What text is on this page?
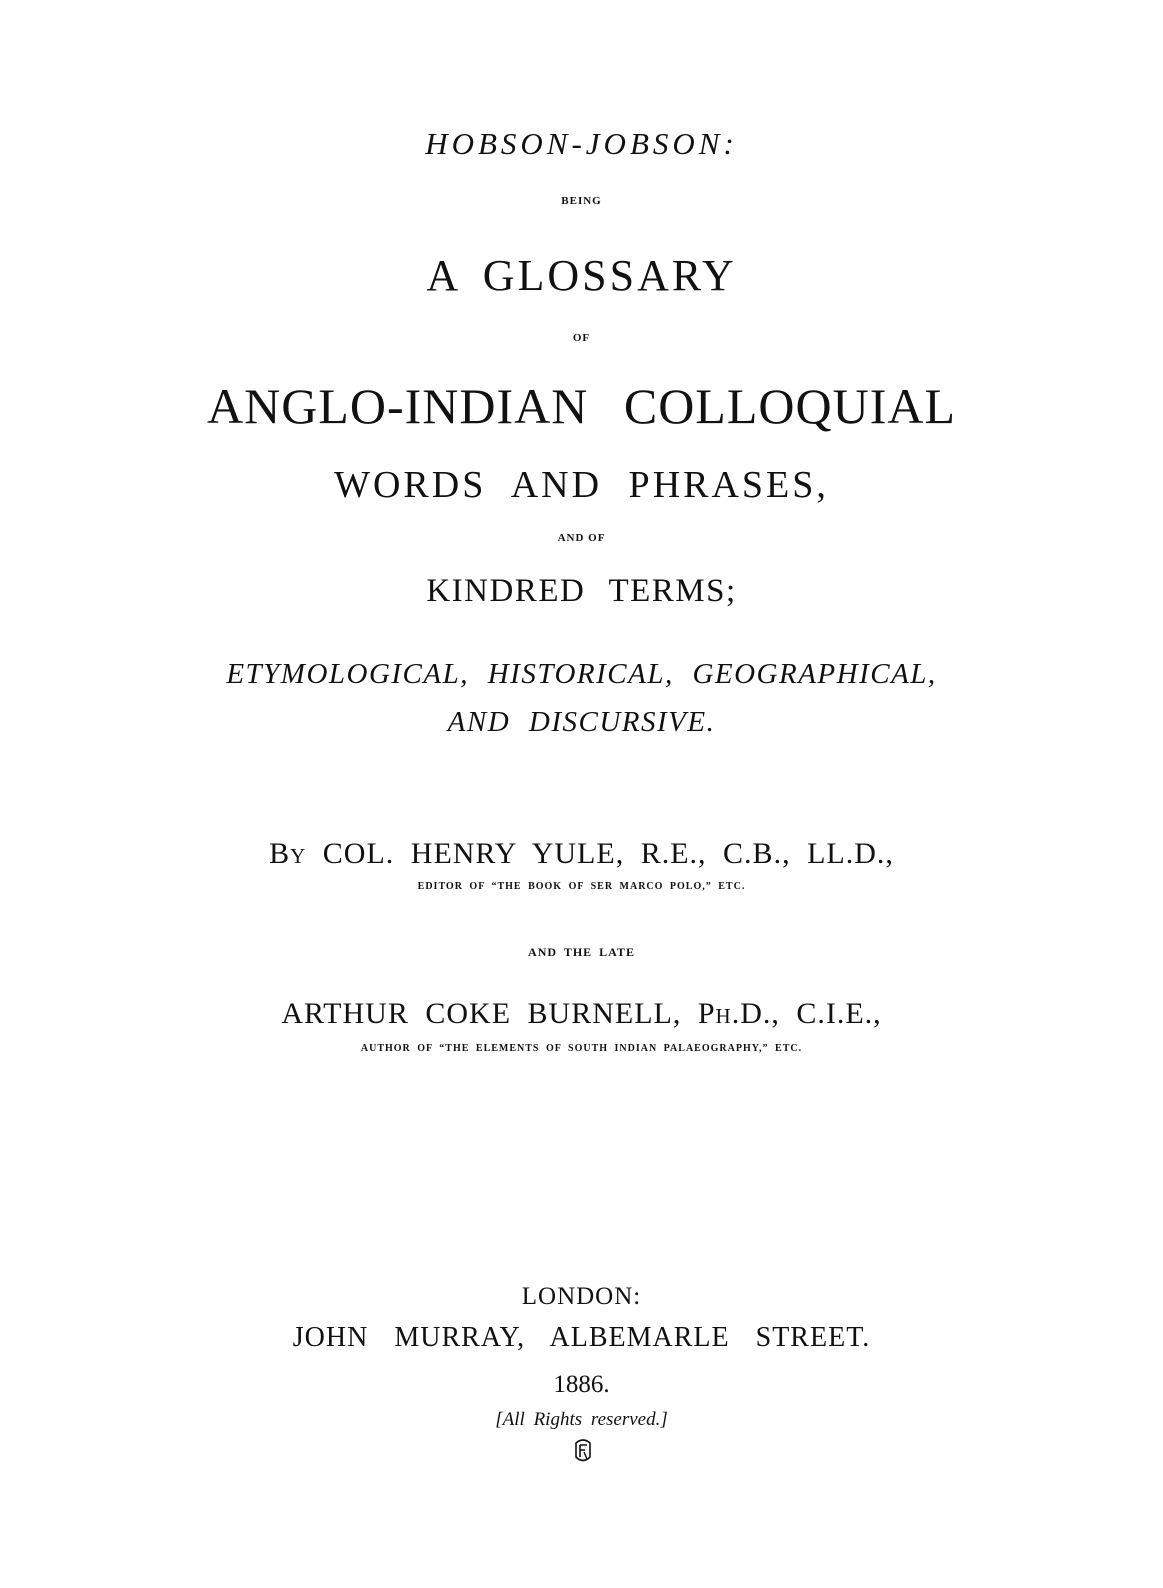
HOBSON-JOBSON:
BEING
A GLOSSARY
OF
ANGLO-INDIAN COLLOQUIAL
WORDS AND PHRASES,
AND OF
KINDRED TERMS;
ETYMOLOGICAL, HISTORICAL, GEOGRAPHICAL,
AND DISCURSIVE.
By COL. HENRY YULE, R.E., C.B., LL.D.,
EDITOR OF “THE BOOK OF SER MARCO POLO,” ETC.
AND THE LATE
ARTHUR COKE BURNELL, Ph.D., C.I.E.,
AUTHOR OF “THE ELEMENTS OF SOUTH INDIAN PALAEOGRAPHY,” ETC.
LONDON:
JOHN MURRAY, ALBEMARLE STREET.
1886.
[All Rights reserved.]
